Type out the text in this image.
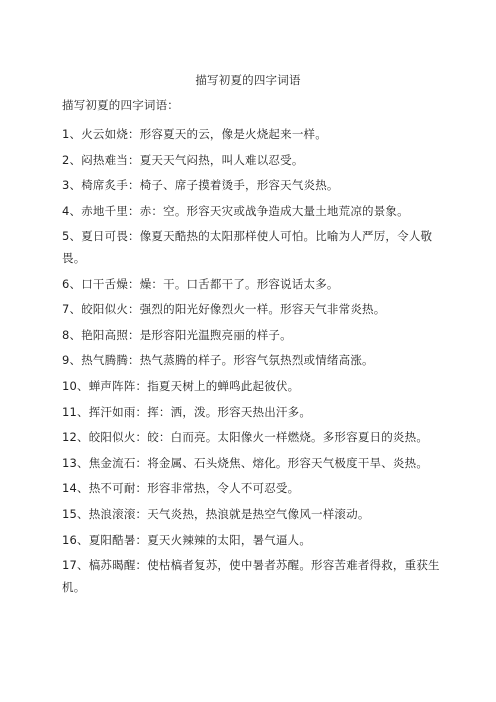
描写初夏的四字词语
描写初夏的四字词语：
1、火云如烧：形容夏天的云，像是火烧起来一样。
2、闷热难当：夏天天气闷热，叫人难以忍受。
3、椅席炙手：椅子、席子摸着烫手，形容天气炎热。
4、赤地千里：赤：空。形容天灾或战争造成大量土地荒凉的景象。
5、夏日可畏：像夏天酷热的太阳那样使人可怕。比喻为人严厉，令人敬畏。
6、口干舌燥：燥：干。口舌都干了。形容说话太多。
7、皎阳似火：强烈的阳光好像烈火一样。形容天气非常炎热。
8、艳阳高照：是形容阳光温煦亮丽的样子。
9、热气腾腾：热气蒸腾的样子。形容气氛热烈或情绪高涨。
10、蝉声阵阵：指夏天树上的蝉鸣此起彼伏。
11、挥汗如雨：挥：洒，泼。形容天热出汗多。
12、皎阳似火：皎：白而亮。太阳像火一样燃烧。多形容夏日的炎热。
13、焦金流石：将金属、石头烧焦、熔化。形容天气极度干旱、炎热。
14、热不可耐：形容非常热，令人不可忍受。
15、热浪滚滚：天气炎热，热浪就是热空气像风一样滚动。
16、夏阳酷暑：夏天火辣辣的太阳，暑气逼人。
17、槁苏暍醒：使枯槁者复苏，使中暑者苏醒。形容苦难者得救，重获生机。
